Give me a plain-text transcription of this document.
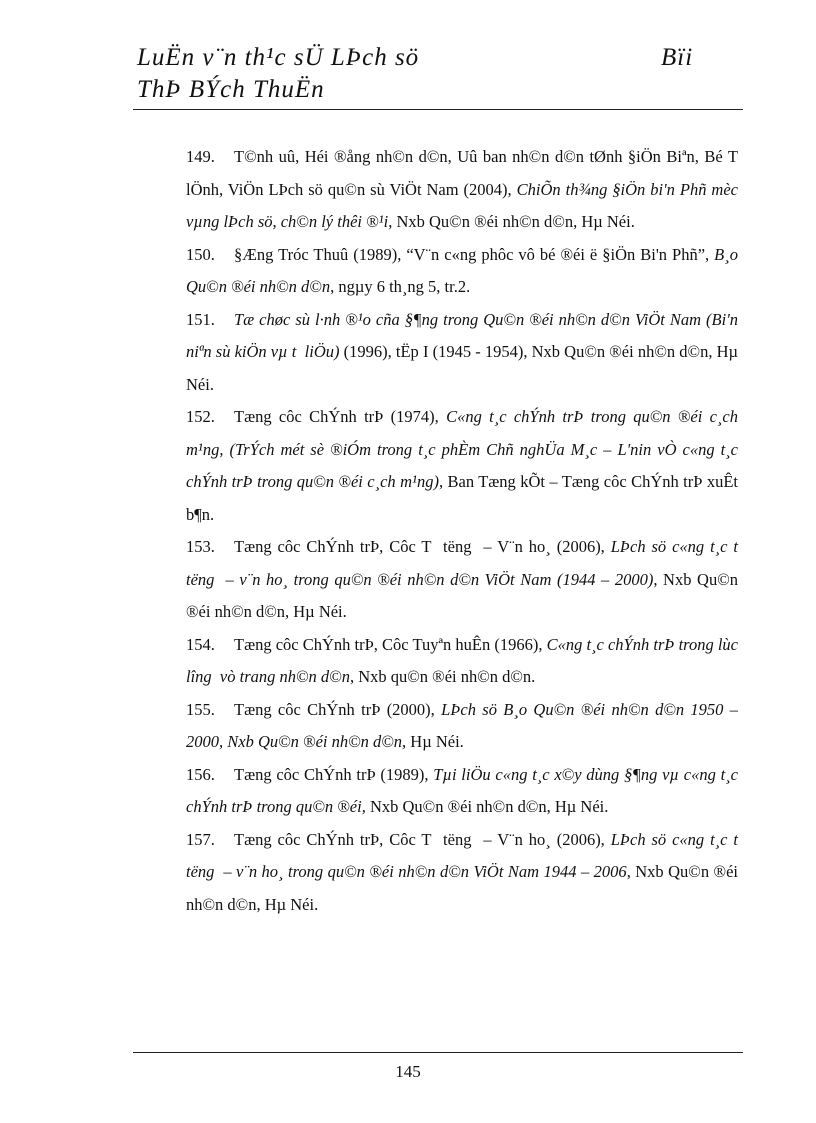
LuËn v¨n th¹c sÜ LÞch sö	Bïi
ThÞ BÝch ThuËn

149. T©nh uû, Héi ®ång nh©n d©n, Uû ban nh©n d©n tØnh §iÖn Biªn, Bé T lÖnh, ViÖn LÞch sö qu©n sù ViÖt Nam (2004), ChiÕn th¾ng §iÖn bi'n Phñ mèc vµng lÞch sö, ch©n lý thêi ®¹i, Nxb Qu©n ®éi nh©n d©n, Hµ Néi.

150. §Æng Tróc Thuû (1989), “V¨n c«ng phôc vô bé ®éi ë §iÖn Bi'n Phñ”, B¸o Qu©n ®éi nh©n d©n, ngµy 6 th¸ng 5, tr.2.

151. Tæ chøc sù l·nh ®¹o cña §¶ng trong Qu©n ®éi nh©n d©n ViÖt Nam (Bi'n niªn sù kiÖn vµ t  liÖu) (1996), tËp I (1945 - 1954), Nxb Qu©n ®éi nh©n d©n, Hµ Néi.

152. Tæng côc ChÝnh trÞ (1974), C«ng t¸c chÝnh trÞ trong qu©n ®éi c¸ch m¹ng, (TrÝch mét sè ®iÓm trong t¸c phÈm Chñ nghÜa M¸c – L'nin vÒ c«ng t¸c chÝnh trÞ trong qu©n ®éi c¸ch m¹ng), Ban Tæng kÕt – Tæng côc ChÝnh trÞ xuÊt b¶n.

153. Tæng côc ChÝnh trÞ, Côc T  tëng  – V¨n ho¸ (2006), LÞch sö c«ng t¸c t  tëng  – v¨n ho¸ trong qu©n ®éi nh©n d©n ViÖt Nam (1944 – 2000), Nxb Qu©n ®éi nh©n d©n, Hµ Néi.

154. Tæng côc ChÝnh trÞ, Côc Tuyªn huÊn (1966), C«ng t¸c chÝnh trÞ trong lùc lîng  vò trang nh©n d©n, Nxb qu©n ®éi nh©n d©n.

155. Tæng côc ChÝnh trÞ (2000), LÞch sö B¸o Qu©n ®éi nh©n d©n 1950 – 2000, Nxb Qu©n ®éi nh©n d©n, Hµ Néi.

156. Tæng côc ChÝnh trÞ (1989), Tµi liÖu c«ng t¸c x©y dùng §¶ng vµ c«ng t¸c chÝnh trÞ trong qu©n ®éi, Nxb Qu©n ®éi nh©n d©n, Hµ Néi.

157. Tæng côc ChÝnh trÞ, Côc T  tëng  – V¨n ho¸ (2006), LÞch sö c«ng t¸c t  tëng  – v¨n ho¸ trong qu©n ®éi nh©n d©n ViÖt Nam 1944 – 2006, Nxb Qu©n ®éi nh©n d©n, Hµ Néi.

145
